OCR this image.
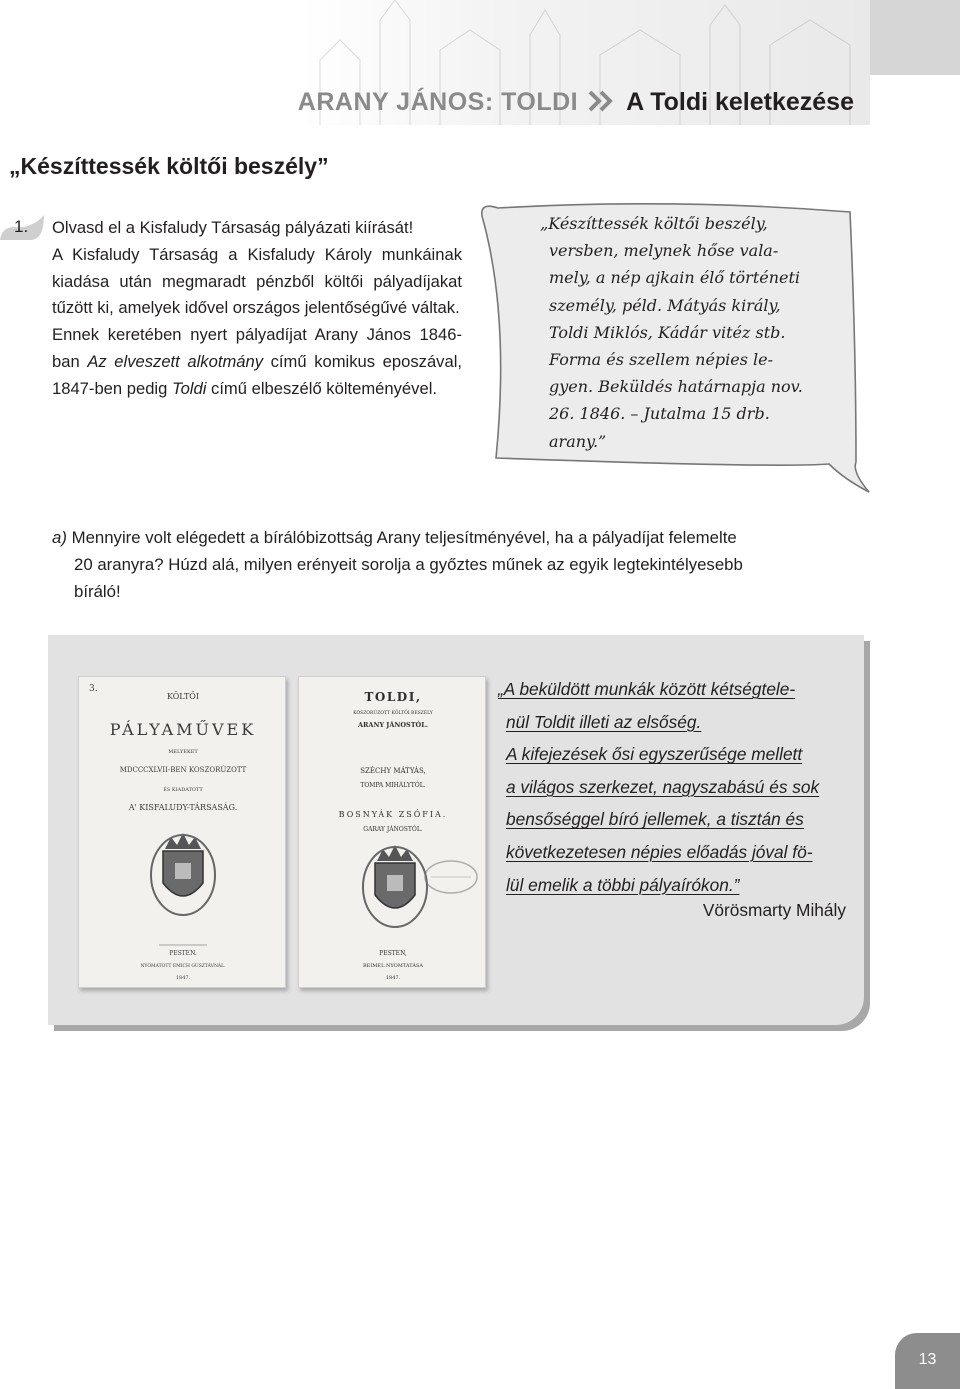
ARANY JÁNOS: TOLDI A Toldi keletkezése
„Készíttessék költői beszély”
1. Olvasd el a Kisfaludy Társaság pályázati kiírását!

A Kisfaludy Társaság a Kisfaludy Károly munkáinak kiadása után megmaradt pénzből költői pályadíjakat tűzött ki, amelyek idővel országos jelentőségűvé váltak.

Ennek keretében nyert pályadíjat Arany János 1846-ban Az elveszett alkotmány című komikus eposzával, 1847-ben pedig Toldi című elbeszélő költeményével.

„Készíttessék költői beszély,
versben, melynek hőse vala-
mely, a nép ajkain élő történeti
személy, péld. Mátyás király,
Toldi Miklós, Kádár vitéz stb.
Forma és szellem népies le-
gyen. Beküldés határnapja nov.
26. 1846. – Jutalma 15 drb.
arany.”
a) Mennyire volt elégedett a bírálóbizottság Arany teljesítményével, ha a pályadíjat felemelte
20 aranyra? Húzd alá, milyen erényeit sorolja a győztes műnek az egyik legtekintélyesebb
bíráló!
3.
KÖLTŐI
PÁLYAMŰVEK
MELYEKET
MDCCCXLVII-BEN KOSZORÚZOTT
ÉS KIADATOTT
A' KISFALUDY-TÁRSASÁG.
PESTEN.
NYOMATOTT EMICH GUSZTÁVNÁL.
1847.
TOLDI,
KOSZORÚZOTT KÖLTŐI BESZÉLY
ARANY JÁNOSTÓL.
SZÉCHY MÁTYÁS,
TOMPA MIHÁLYTÓL.
BOSNYÁK ZSÓFIA.
GARAY JÁNOSTÓL.
PESTEN,
BEIMEL NYOMTATÁSA
1847.
„A beküldött munkák között kétségtele-
nül Toldit illeti az elsőség.
A kifejezések ősi egyszerűsége mellett
a világos szerkezet, nagyszabású és sok
bensőséggel bíró jellemek, a tisztán és
következetesen népies előadás jóval fö-
lül emelik a többi pályaírókon.”
Vörösmarty Mihály
13
